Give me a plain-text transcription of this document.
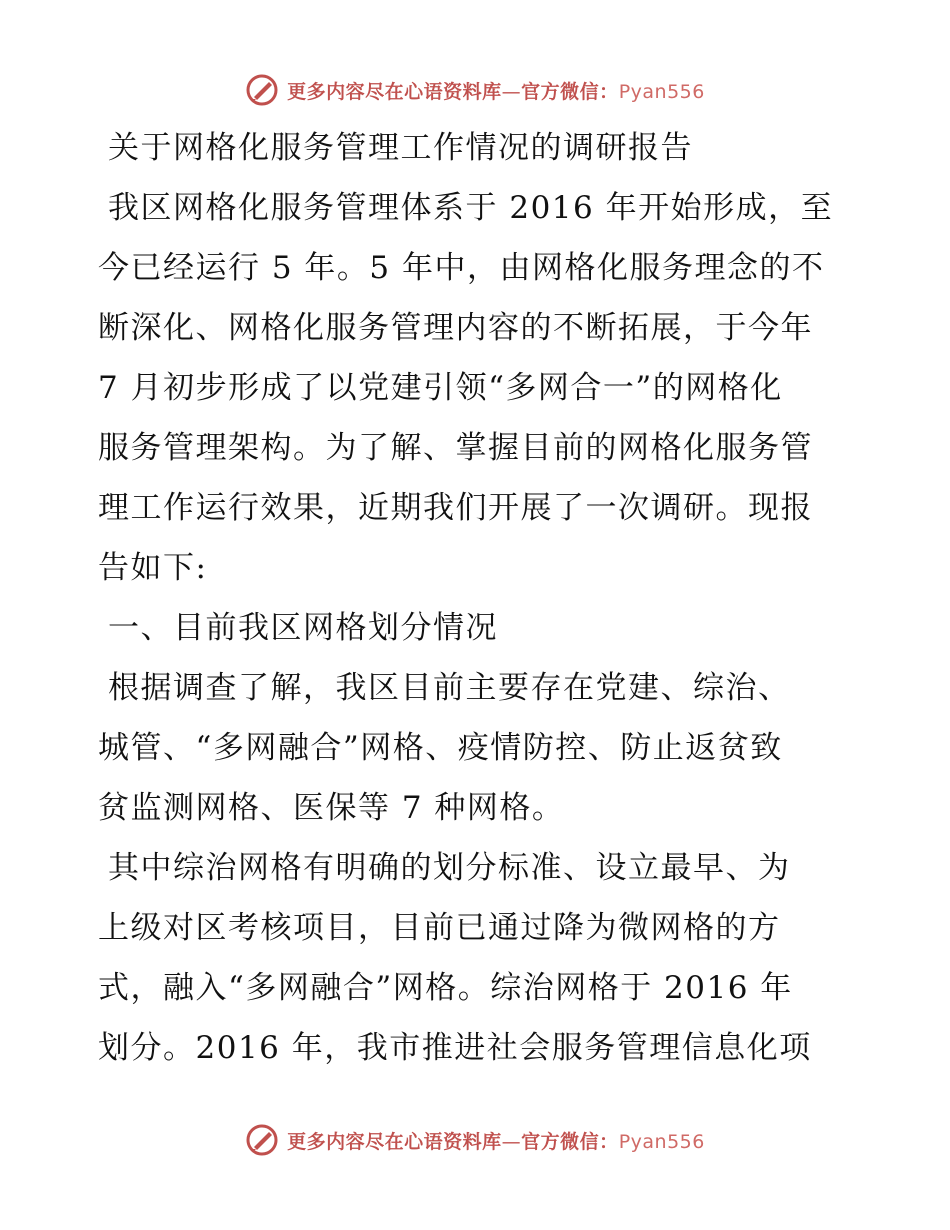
更多内容尽在心语资料库—官方微信：Pyan556
关于网格化服务管理工作情况的调研报告
我区网格化服务管理体系于 2016 年开始形成，至
今已经运行 5 年。5 年中，由网格化服务理念的不
断深化、网格化服务管理内容的不断拓展，于今年
7 月初步形成了以党建引领“多网合一”的网格化
服务管理架构。为了解、掌握目前的网格化服务管
理工作运行效果，近期我们开展了一次调研。现报
告如下:
一、目前我区网格划分情况
根据调查了解，我区目前主要存在党建、综治、
城管、“多网融合”网格、疫情防控、防止返贫致
贫监测网格、医保等 7 种网格。
其中综治网格有明确的划分标准、设立最早、为
上级对区考核项目，目前已通过降为微网格的方
式，融入“多网融合”网格。综治网格于 2016 年
划分。2016 年，我市推进社会服务管理信息化项
更多内容尽在心语资料库—官方微信：Pyan556
